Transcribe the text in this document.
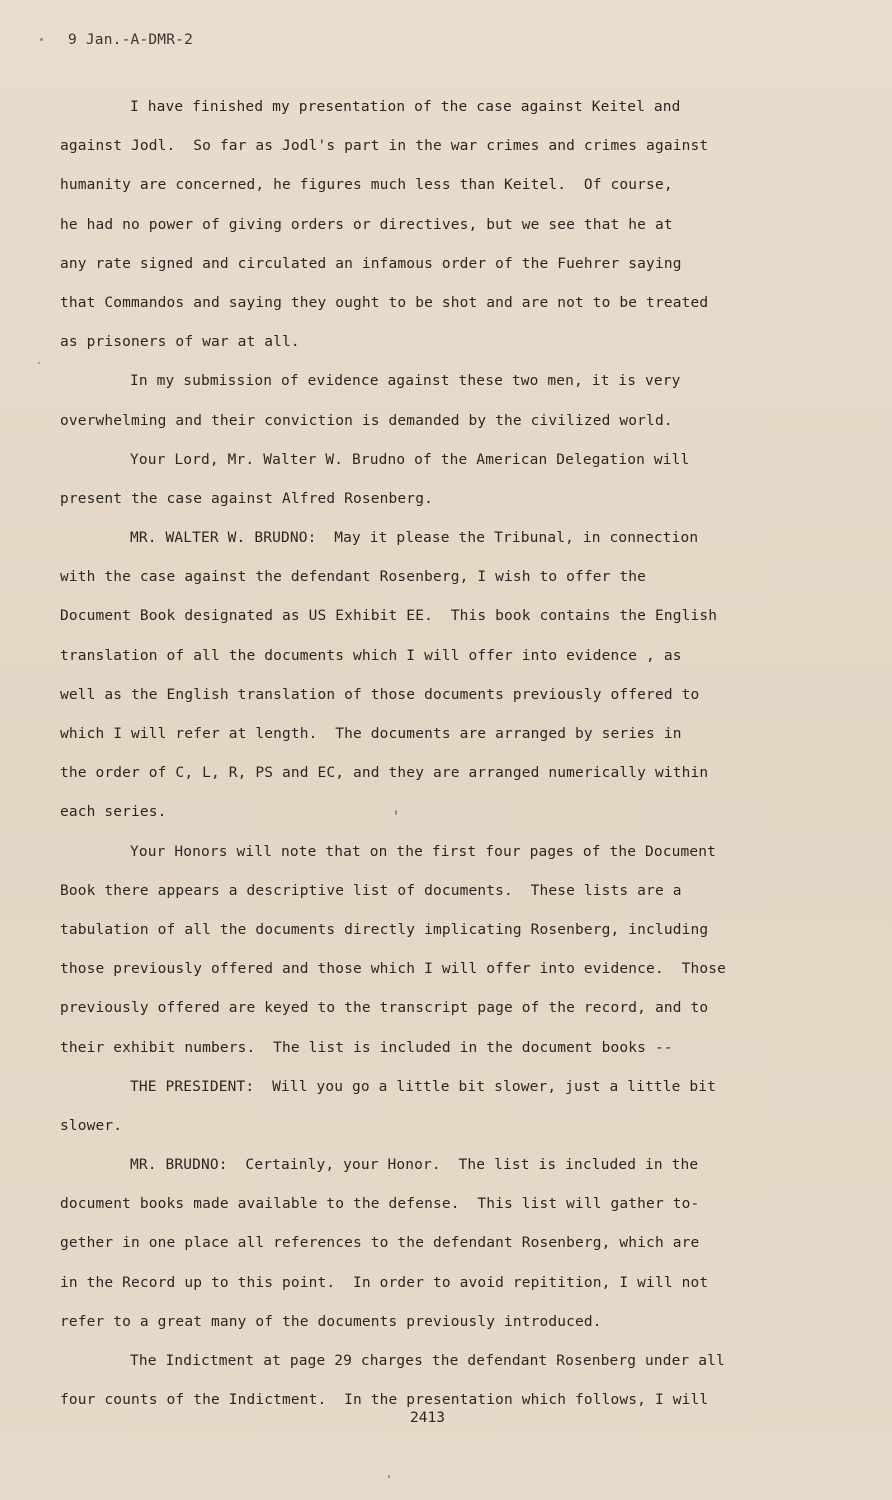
9 Jan.-A-DMR-2
I have finished my presentation of the case against Keitel and
against Jodl.  So far as Jodl's part in the war crimes and crimes against
humanity are concerned, he figures much less than Keitel.  Of course,
he had no power of giving orders or directives, but we see that he at
any rate signed and circulated an infamous order of the Fuehrer saying
that Commandos and saying they ought to be shot and are not to be treated
as prisoners of war at all.
In my submission of evidence against these two men, it is very
overwhelming and their conviction is demanded by the civilized world.
Your Lord, Mr. Walter W. Brudno of the American Delegation will
present the case against Alfred Rosenberg.
MR. WALTER W. BRUDNO:  May it please the Tribunal, in connection
with the case against the defendant Rosenberg, I wish to offer the
Document Book designated as US Exhibit EE.  This book contains the English
translation of all the documents which I will offer into evidence , as
well as the English translation of those documents previously offered to
which I will refer at length.  The documents are arranged by series in
the order of C, L, R, PS and EC, and they are arranged numerically within
each series.
Your Honors will note that on the first four pages of the Document
Book there appears a descriptive list of documents.  These lists are a
tabulation of all the documents directly implicating Rosenberg, including
those previously offered and those which I will offer into evidence.  Those
previously offered are keyed to the transcript page of the record, and to
their exhibit numbers.  The list is included in the document books --
THE PRESIDENT:  Will you go a little bit slower, just a little bit
slower.
MR. BRUDNO:  Certainly, your Honor.  The list is included in the
document books made available to the defense.  This list will gather to-
gether in one place all references to the defendant Rosenberg, which are
in the Record up to this point.  In order to avoid repitition, I will not
refer to a great many of the documents previously introduced.
The Indictment at page 29 charges the defendant Rosenberg under all
four counts of the Indictment.  In the presentation which follows, I will
2413
